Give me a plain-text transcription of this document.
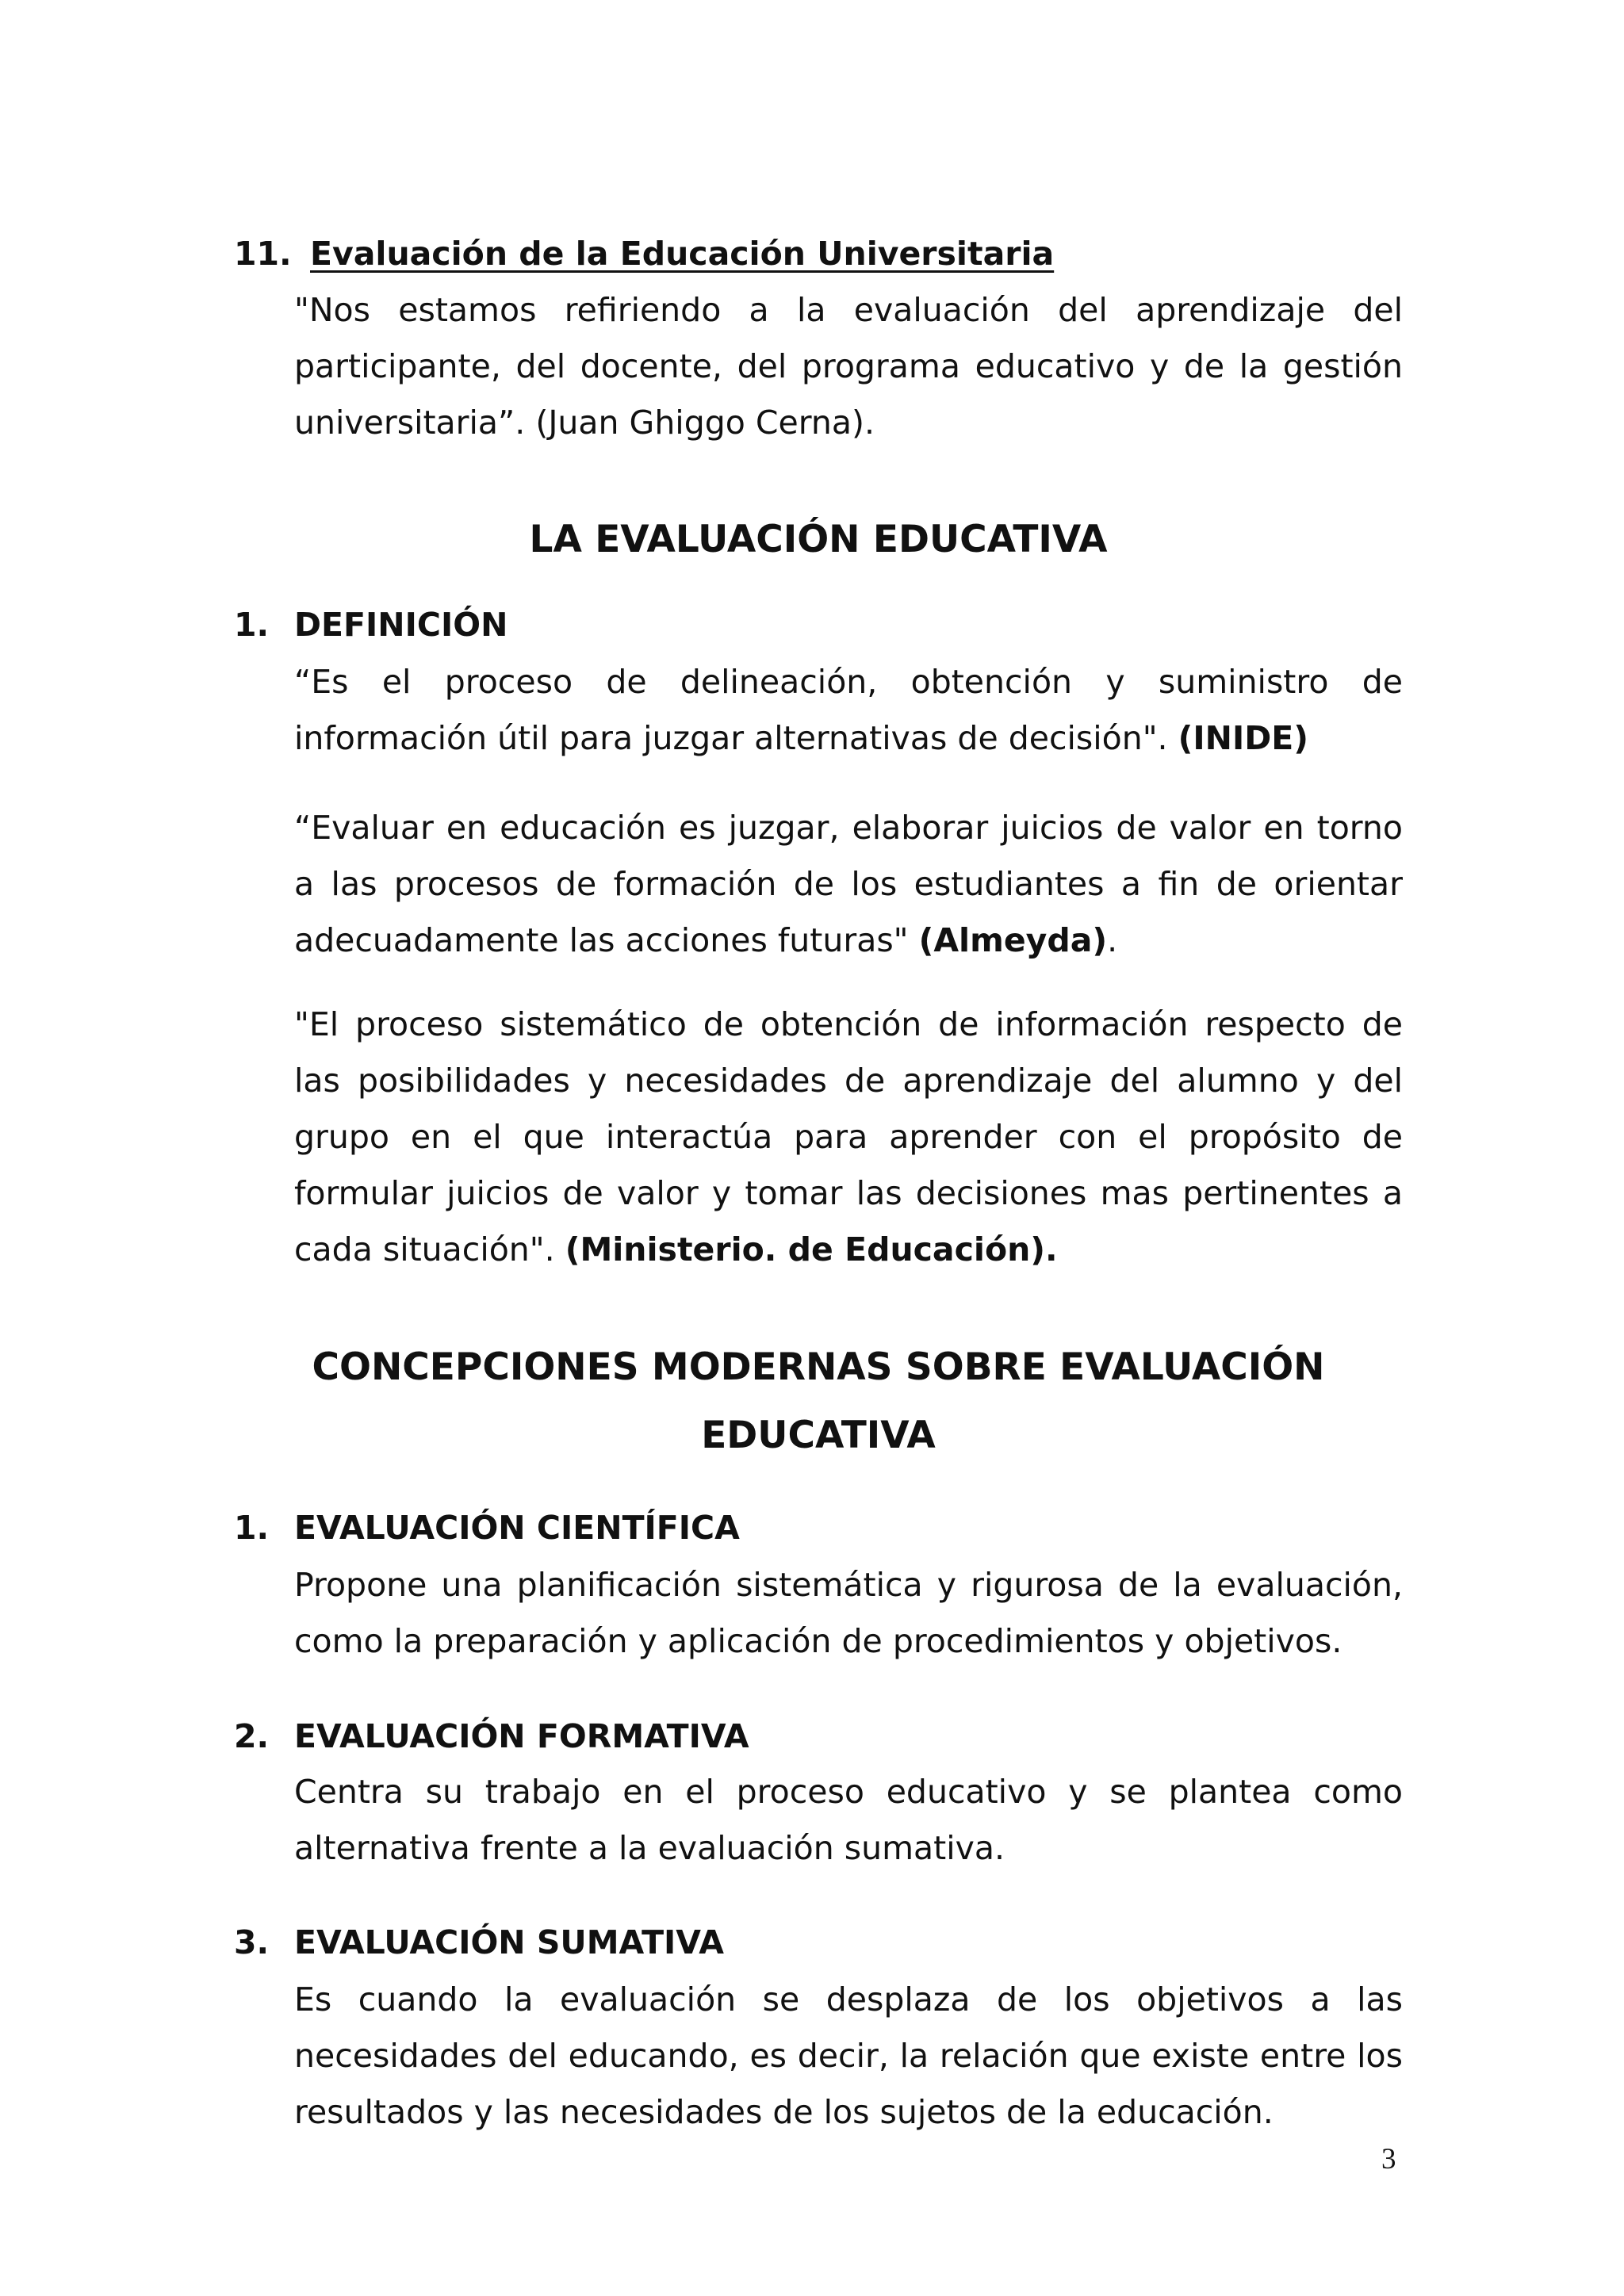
11. Evaluación de la Educación Universitaria

"Nos estamos refiriendo a la evaluación del aprendizaje del participante, del docente, del programa educativo y de la gestión universitaria”. (Juan Ghiggo Cerna).

LA EVALUACIÓN EDUCATIVA
1. DEFINICIÓN

“Es el proceso de delineación, obtención y suministro de información útil para juzgar alternativas de decisión". (INIDE)

“Evaluar en educación es juzgar, elaborar juicios de valor en torno a las procesos de formación de los estudiantes a fin de orientar adecuadamente las acciones futuras" (Almeyda).

"El proceso sistemático de obtención de información respecto de las posibilidades y necesidades de aprendizaje del alumno y del grupo en el que interactúa para aprender con el propósito de formular juicios de valor y tomar las decisiones mas pertinentes a cada situación". (Ministerio. de Educación).

CONCEPCIONES MODERNAS SOBRE EVALUACIÓN
EDUCATIVA
1. EVALUACIÓN CIENTÍFICA

Propone una planificación sistemática y rigurosa de la evaluación, como la preparación y aplicación de procedimientos y objetivos.

2. EVALUACIÓN FORMATIVA

Centra su trabajo en el proceso educativo y se plantea como alternativa frente a la evaluación sumativa.

3. EVALUACIÓN SUMATIVA

Es cuando la evaluación se desplaza de los objetivos a las necesidades del educando, es decir, la relación que existe entre los resultados y las necesidades de los sujetos de la educación.

3
